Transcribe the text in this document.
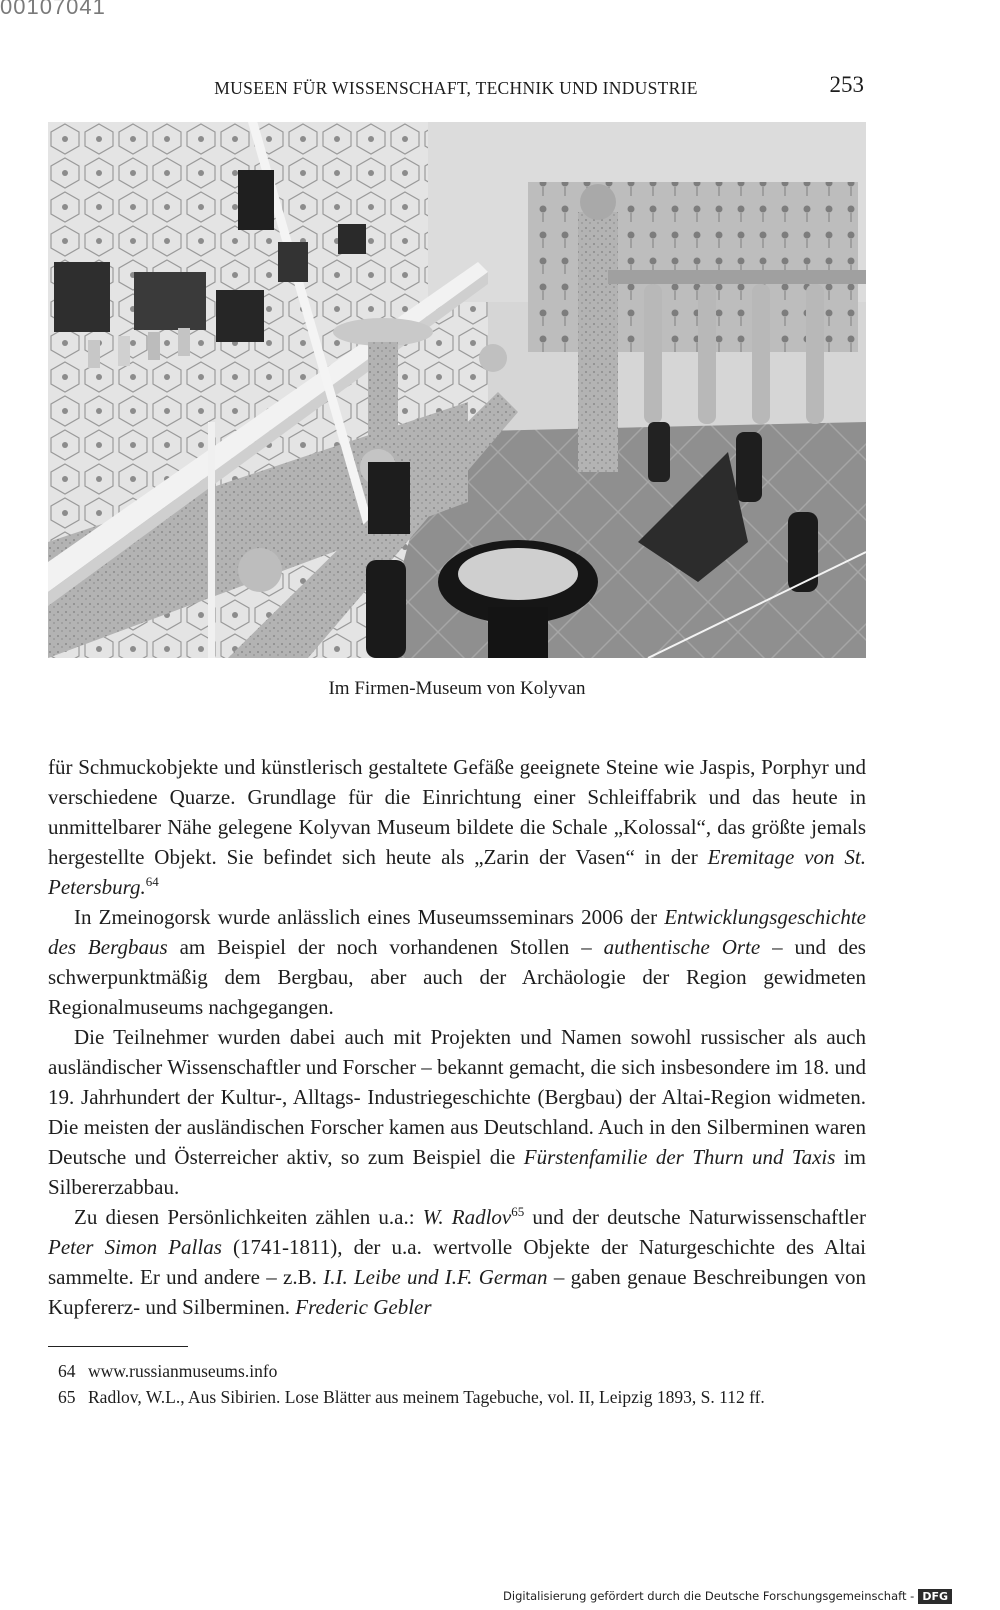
00107041
MUSEEN FÜR WISSENSCHAFT, TECHNIK UND INDUSTRIE	253
Im Firmen-Museum von Kolyvan

für Schmuckobjekte und künstlerisch gestaltete Gefäße geeignete Steine wie Jaspis, Porphyr und verschiedene Quarze. Grundlage für die Einrichtung einer Schleiffabrik und das heute in unmittelbarer Nähe gelegene Kolyvan Museum bildete die Schale „Kolossal“, das größte jemals hergestellte Objekt. Sie befindet sich heute als „Zarin der Vasen“ in der Eremitage von St. Petersburg.$^{64}$

In Zmeinogorsk wurde anlässlich eines Museumsseminars 2006 der Entwicklungsgeschichte des Bergbaus am Beispiel der noch vorhandenen Stollen – authentische Orte – und des schwerpunktmäßig dem Bergbau, aber auch der Archäologie der Region gewidmeten Regionalmuseums nachgegangen.

Die Teilnehmer wurden dabei auch mit Projekten und Namen sowohl russischer als auch ausländischer Wissenschaftler und Forscher – bekannt gemacht, die sich insbesondere im 18. und 19. Jahrhundert der Kultur-, Alltags- Industriegeschichte (Bergbau) der Altai-Region widmeten. Die meisten der ausländischen Forscher kamen aus Deutschland. Auch in den Silberminen waren Deutsche und Österreicher aktiv, so zum Beispiel die Fürstenfamilie der Thurn und Taxis im Silbererzabbau.

Zu diesen Persönlichkeiten zählen u.a.: W. Radlov$^{65}$ und der deutsche Naturwissenschaftler Peter Simon Pallas (1741-1811), der u.a. wertvolle Objekte der Naturgeschichte des Altai sammelte. Er und andere – z.B. I.I. Leibe und I.F. German – gaben genaue Beschreibungen von Kupfererz- und Silberminen. Frederic Gebler

64 www.russianmuseums.info
65 Radlov, W.L., Aus Sibirien. Lose Blätter aus meinem Tagebuche, vol. II, Leipzig 1893, S. 112 ff.
Digitalisierung gefördert durch die Deutsche Forschungsgemeinschaft - DFG
